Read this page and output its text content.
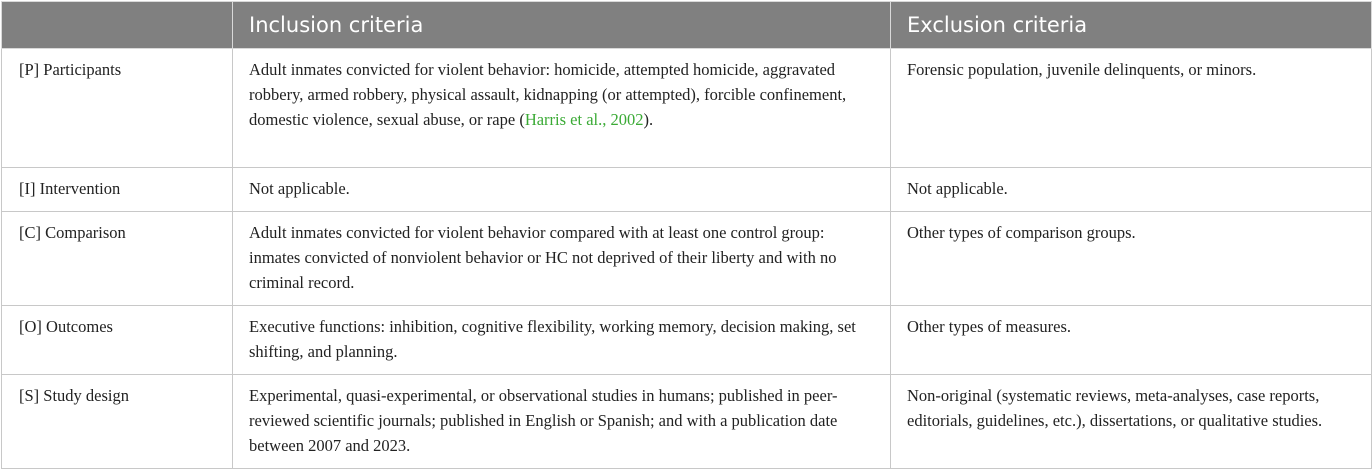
	Inclusion criteria	Exclusion criteria
[P] Participants	Adult inmates convicted for violent behavior: homicide, attempted homicide, aggravated robbery, armed robbery, physical assault, kidnapping (or attempted), forcible confinement, domestic violence, sexual abuse, or rape (Harris et al., 2002).	Forensic population, juvenile delinquents, or minors.
[I] Intervention	Not applicable.	Not applicable.
[C] Comparison	Adult inmates convicted for violent behavior compared with at least one control group: inmates convicted of nonviolent behavior or HC not deprived of their liberty and with no criminal record.	Other types of comparison groups.
[O] Outcomes	Executive functions: inhibition, cognitive flexibility, working memory, decision making, set shifting, and planning.	Other types of measures.
[S] Study design	Experimental, quasi-experimental, or observational studies in humans; published in peer-reviewed scientific journals; published in English or Spanish; and with a publication date between 2007 and 2023.	Non-original (systematic reviews, meta-analyses, case reports, editorials, guidelines, etc.), dissertations, or qualitative studies.
